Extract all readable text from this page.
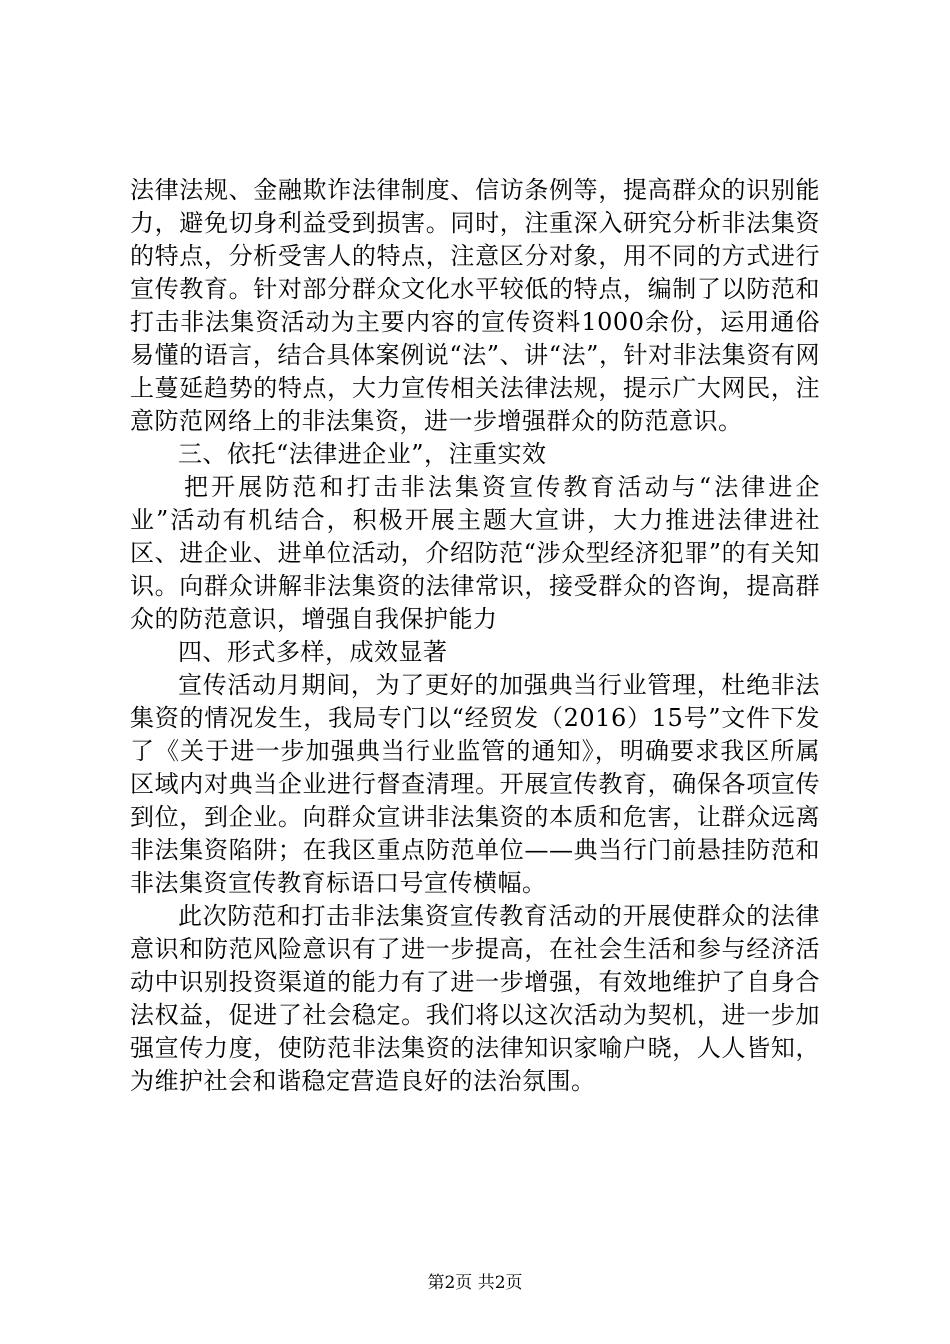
法律法规、金融欺诈法律制度、信访条例等，提高群众的识别能力，避免切身利益受到损害。同时，注重深入研究分析非法集资的特点，分析受害人的特点，注意区分对象，用不同的方式进行宣传教育。针对部分群众文化水平较低的特点，编制了以防范和打击非法集资活动为主要内容的宣传资料1000余份，运用通俗易懂的语言，结合具体案例说“法”、讲“法”，针对非法集资有网上蔓延趋势的特点，大力宣传相关法律法规，提示广大网民，注意防范网络上的非法集资，进一步增强群众的防范意识。

三、依托“法律进企业”，注重实效

把开展防范和打击非法集资宣传教育活动与“法律进企业”活动有机结合，积极开展主题大宣讲，大力推进法律进社区、进企业、进单位活动，介绍防范“涉众型经济犯罪”的有关知识。向群众讲解非法集资的法律常识，接受群众的咨询，提高群众的防范意识，增强自我保护能力

四、形式多样，成效显著

宣传活动月期间，为了更好的加强典当行业管理，杜绝非法集资的情况发生，我局专门以“经贸发（2016）15号”文件下发了《关于进一步加强典当行业监管的通知》，明确要求我区所属区域内对典当企业进行督查清理。开展宣传教育，确保各项宣传到位，到企业。向群众宣讲非法集资的本质和危害，让群众远离非法集资陷阱；在我区重点防范单位——典当行门前悬挂防范和非法集资宣传教育标语口号宣传横幅。

此次防范和打击非法集资宣传教育活动的开展使群众的法律意识和防范风险意识有了进一步提高，在社会生活和参与经济活动中识别投资渠道的能力有了进一步增强，有效地维护了自身合法权益，促进了社会稳定。我们将以这次活动为契机，进一步加强宣传力度，使防范非法集资的法律知识家喻户晓，人人皆知，为维护社会和谐稳定营造良好的法治氛围。

第2页 共2页
